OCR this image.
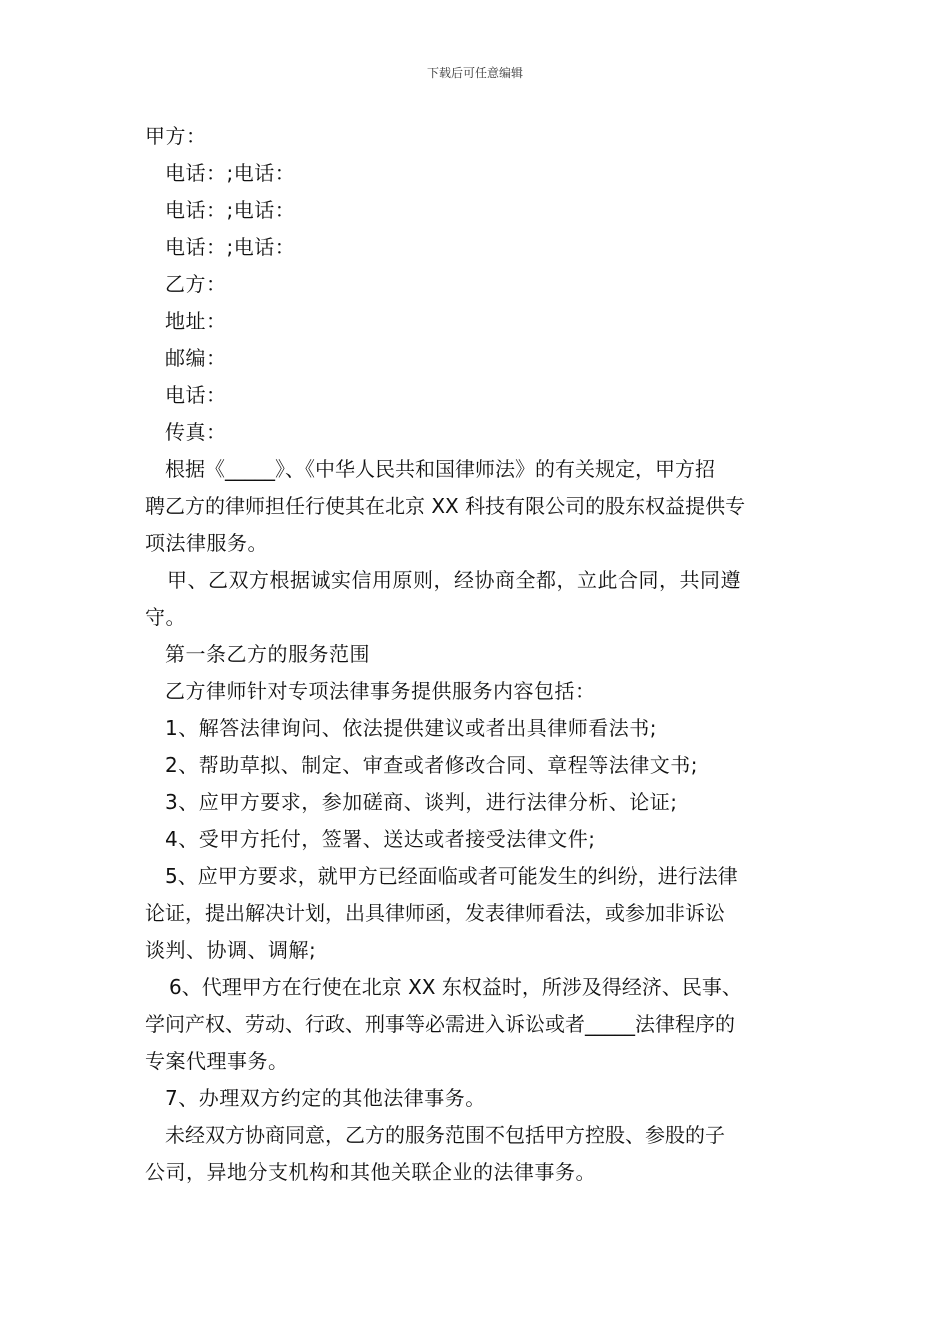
下载后可任意编辑
甲方：
电话：;电话：
电话：;电话：
电话：;电话：
乙方：
地址：
邮编：
电话：
传真：
根据《_____》、《中华人民共和国律师法》的有关规定，甲方招
聘乙方的律师担任行使其在北京 XX 科技有限公司的股东权益提供专
项法律服务。
甲、乙双方根据诚实信用原则，经协商全都，立此合同，共同遵
守。
第一条乙方的服务范围
乙方律师针对专项法律事务提供服务内容包括：
1、解答法律询问、依法提供建议或者出具律师看法书;
2、帮助草拟、制定、审查或者修改合同、章程等法律文书;
3、应甲方要求，参加磋商、谈判，进行法律分析、论证;
4、受甲方托付，签署、送达或者接受法律文件;
5、应甲方要求，就甲方已经面临或者可能发生的纠纷，进行法律
论证，提出解决计划，出具律师函，发表律师看法，或参加非诉讼
谈判、协调、调解;
6、代理甲方在行使在北京 XX 东权益时，所涉及得经济、民事、
学问产权、劳动、行政、刑事等必需进入诉讼或者_____法律程序的
专案代理事务。
7、办理双方约定的其他法律事务。
未经双方协商同意，乙方的服务范围不包括甲方控股、参股的子
公司，异地分支机构和其他关联企业的法律事务。
